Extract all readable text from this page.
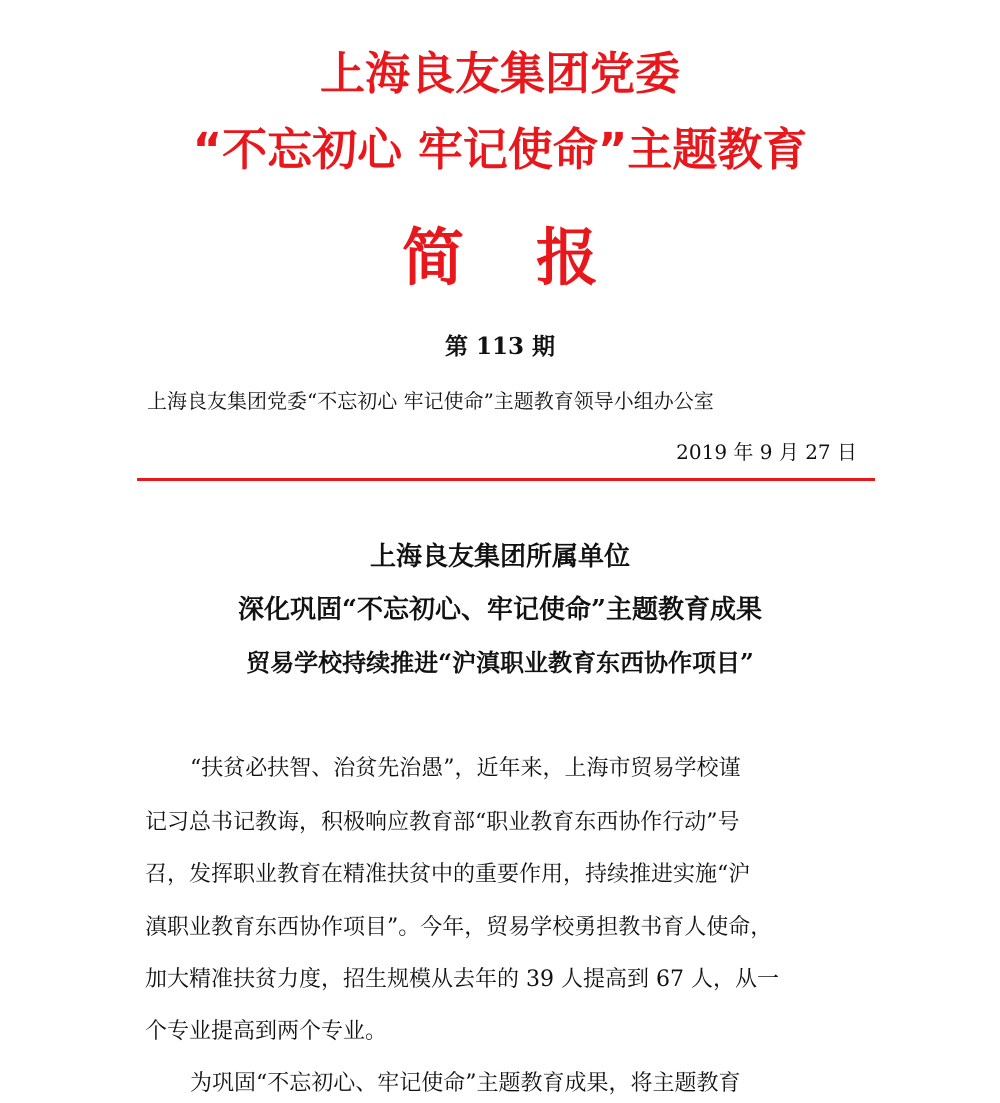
上海良友集团党委
“不忘初心 牢记使命”主题教育
简报
第 113 期
上海良友集团党委“不忘初心 牢记使命”主题教育领导小组办公室
2019 年 9 月 27 日
上海良友集团所属单位
深化巩固“不忘初心、牢记使命”主题教育成果
贸易学校持续推进“沪滇职业教育东西协作项目”
“扶贫必扶智、治贫先治愚”，近年来，上海市贸易学校谨
记习总书记教诲，积极响应教育部“职业教育东西协作行动”号
召，发挥职业教育在精准扶贫中的重要作用，持续推进实施“沪
滇职业教育东西协作项目”。今年，贸易学校勇担教书育人使命，
加大精准扶贫力度，招生规模从去年的 39 人提高到 67 人，从一
个专业提高到两个专业。
为巩固“不忘初心、牢记使命”主题教育成果，将主题教育
